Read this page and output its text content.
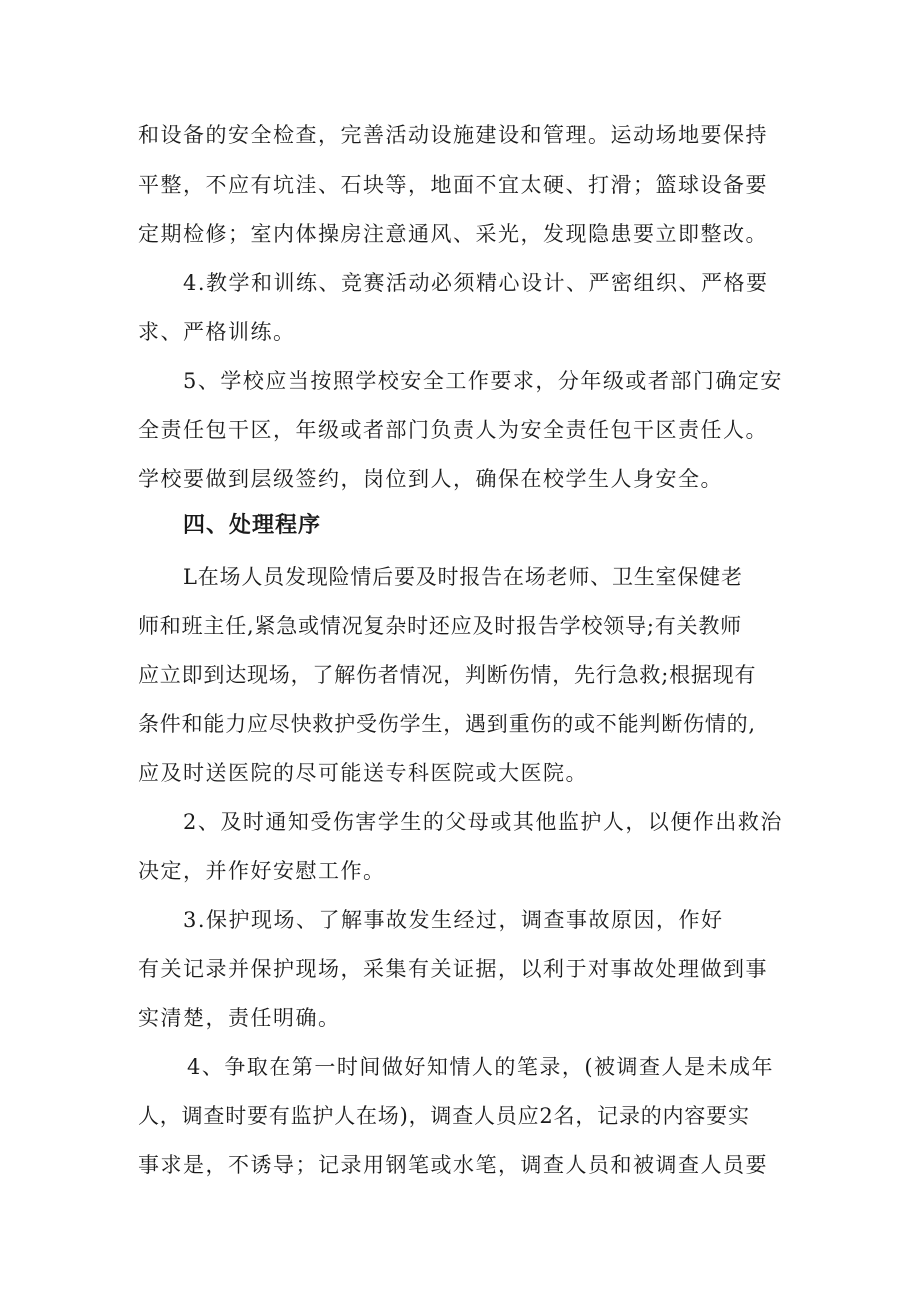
和设备的安全检查，完善活动设施建设和管理。运动场地要保持
平整，不应有坑洼、石块等，地面不宜太硬、打滑；篮球设备要
定期检修；室内体操房注意通风、采光，发现隐患要立即整改。
4.教学和训练、竞赛活动必须精心设计、严密组织、严格要
求、严格训练。
5、学校应当按照学校安全工作要求，分年级或者部门确定安
全责任包干区，年级或者部门负责人为安全责任包干区责任人。
学校要做到层级签约，岗位到人，确保在校学生人身安全。
四、处理程序
L在场人员发现险情后要及时报告在场老师、卫生室保健老
师和班主任,紧急或情况复杂时还应及时报告学校领导;有关教师
应立即到达现场，了解伤者情况，判断伤情，先行急救;根据现有
条件和能力应尽快救护受伤学生，遇到重伤的或不能判断伤情的,
应及时送医院的尽可能送专科医院或大医院。
2、及时通知受伤害学生的父母或其他监护人，以便作出救治
决定，并作好安慰工作。
3.保护现场、了解事故发生经过，调查事故原因，作好
有关记录并保护现场，采集有关证据，以利于对事故处理做到事
实清楚，责任明确。
4、争取在第一时间做好知情人的笔录，(被调查人是未成年
人，调查时要有监护人在场)，调查人员应2名，记录的内容要实
事求是，不诱导；记录用钢笔或水笔，调查人员和被调查人员要
